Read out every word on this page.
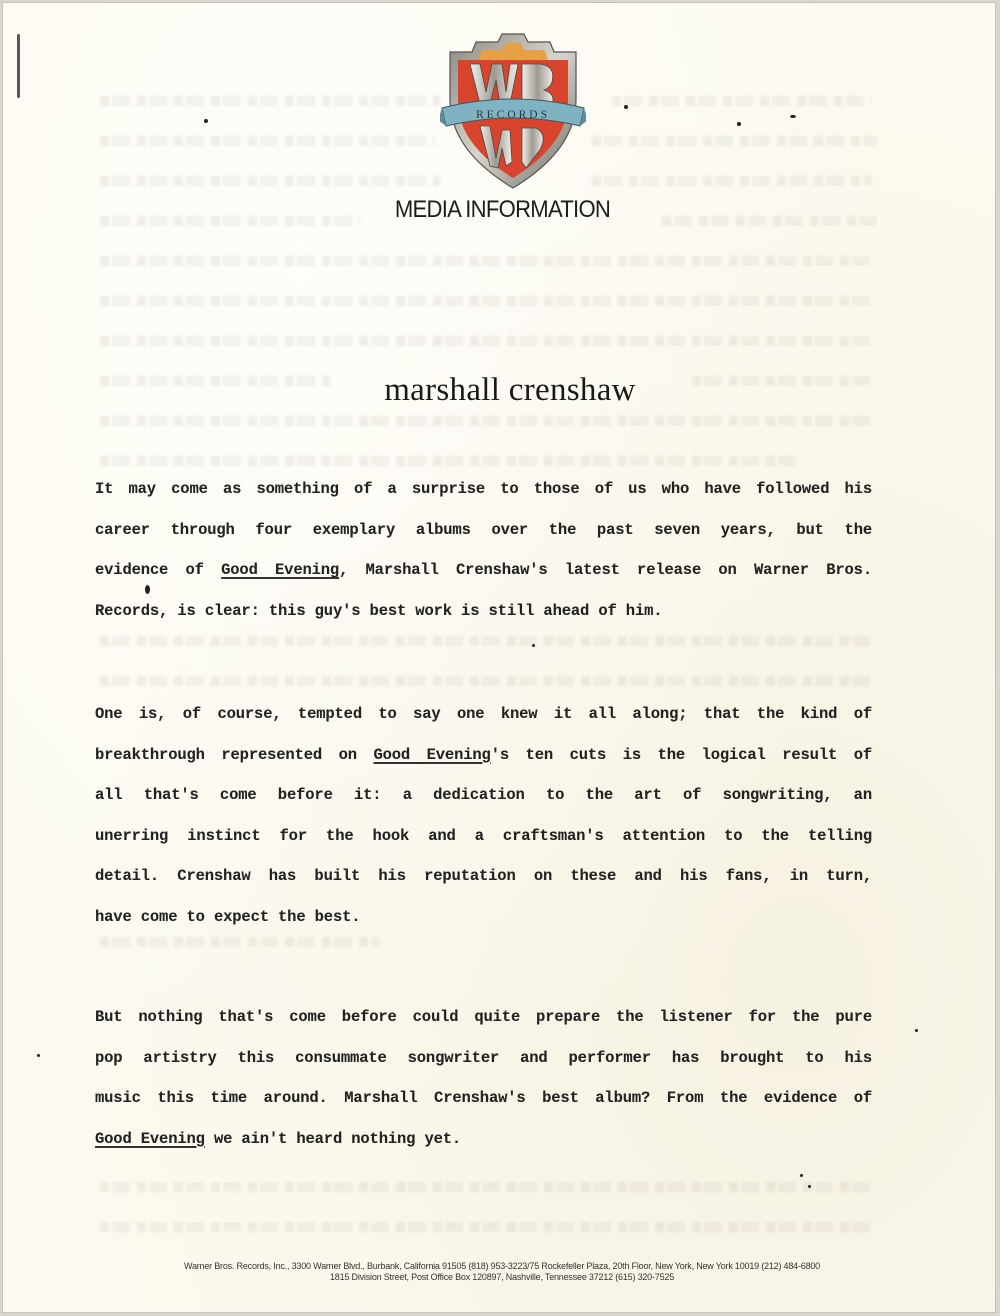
RECORDS
MEDIA INFORMATION
marshall crenshaw
It may come as something of a surprise to those of us who have followed his
career through four exemplary albums over the past seven years, but the
evidence of Good Evening, Marshall Crenshaw's latest release on Warner Bros.
Records, is clear: this guy's best work is still ahead of him.
One is, of course, tempted to say one knew it all along; that the kind of
breakthrough represented on Good Evening's ten cuts is the logical result of
all that's come before it: a dedication to the art of songwriting, an
unerring instinct for the hook and a craftsman's attention to the telling
detail. Crenshaw has built his reputation on these and his fans, in turn,
have come to expect the best.
But nothing that's come before could quite prepare the listener for the pure
pop artistry this consummate songwriter and performer has brought to his
music this time around. Marshall Crenshaw's best album? From the evidence of
Good Evening we ain't heard nothing yet.
Warner Bros. Records, Inc., 3300 Warner Blvd., Burbank, California 91505 (818) 953-3223/75 Rockefeller Plaza, 20th Floor, New York, New York 10019 (212) 484-6800
1815 Division Street, Post Office Box 120897, Nashville, Tennessee 37212 (615) 320-7525
